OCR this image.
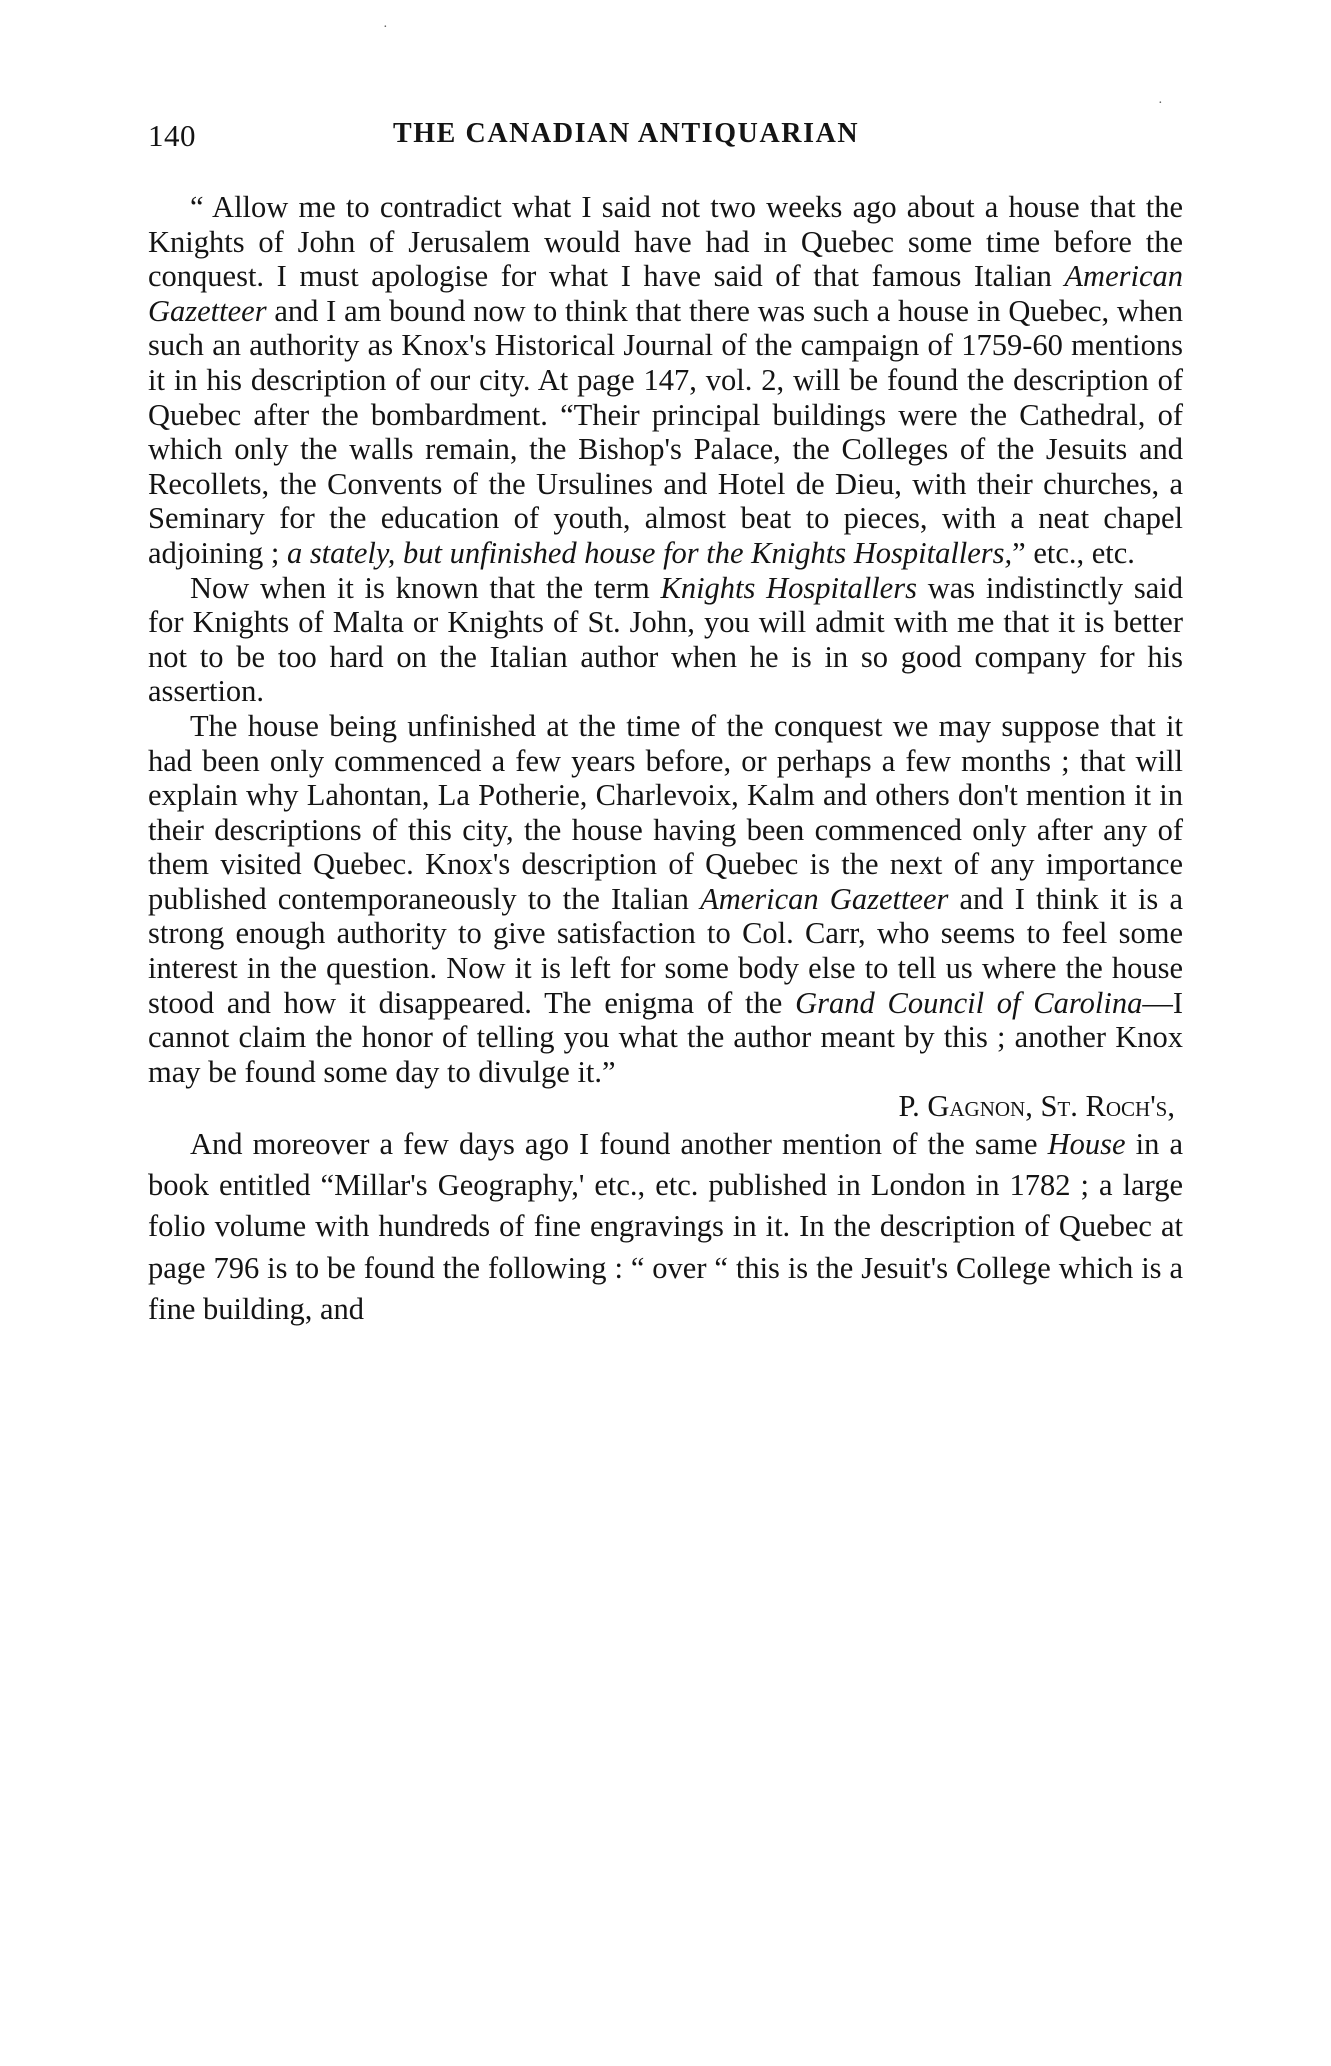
140	THE CANADIAN ANTIQUARIAN

“ Allow me to contradict what I said not two weeks ago about a house that the Knights of John of Jerusalem would have had in Quebec some time before the conquest. I must apologise for what I have said of that famous Italian American Gazetteer and I am bound now to think that there was such a house in Quebec, when such an authority as Knox's Historical Journal of the campaign of 1759-60 mentions it in his description of our city. At page 147, vol. 2, will be found the description of Quebec after the bombardment. “Their principal buildings were the Cathedral, of which only the walls remain, the Bishop's Palace, the Colleges of the Jesuits and Recollets, the Convents of the Ursulines and Hotel de Dieu, with their churches, a Seminary for the education of youth, almost beat to pieces, with a neat chapel adjoining ; a stately, but unfinished house for the Knights Hospitallers,” etc., etc.

Now when it is known that the term Knights Hospitallers was indistinctly said for Knights of Malta or Knights of St. John, you will admit with me that it is better not to be too hard on the Italian author when he is in so good company for his assertion.

The house being unfinished at the time of the conquest we may suppose that it had been only commenced a few years before, or perhaps a few months ; that will explain why Lahontan, La Potherie, Charlevoix, Kalm and others don't mention it in their descriptions of this city, the house having been commenced only after any of them visited Quebec. Knox's description of Quebec is the next of any importance published contemporaneously to the Italian American Gazetteer and I think it is a strong enough authority to give satisfaction to Col. Carr, who seems to feel some interest in the question. Now it is left for some body else to tell us where the house stood and how it disappeared. The enigma of the Grand Council of Carolina—I cannot claim the honor of telling you what the author meant by this ; another Knox may be found some day to divulge it.”

P. Gagnon, St. Roch's,

And moreover a few days ago I found another mention of the same House in a book entitled “Millar's Geography,' etc., etc. published in London in 1782 ; a large folio volume with hundreds of fine engravings in it. In the description of Quebec at page 796 is to be found the following : “ over “ this is the Jesuit's College which is a fine building, and

·
·
